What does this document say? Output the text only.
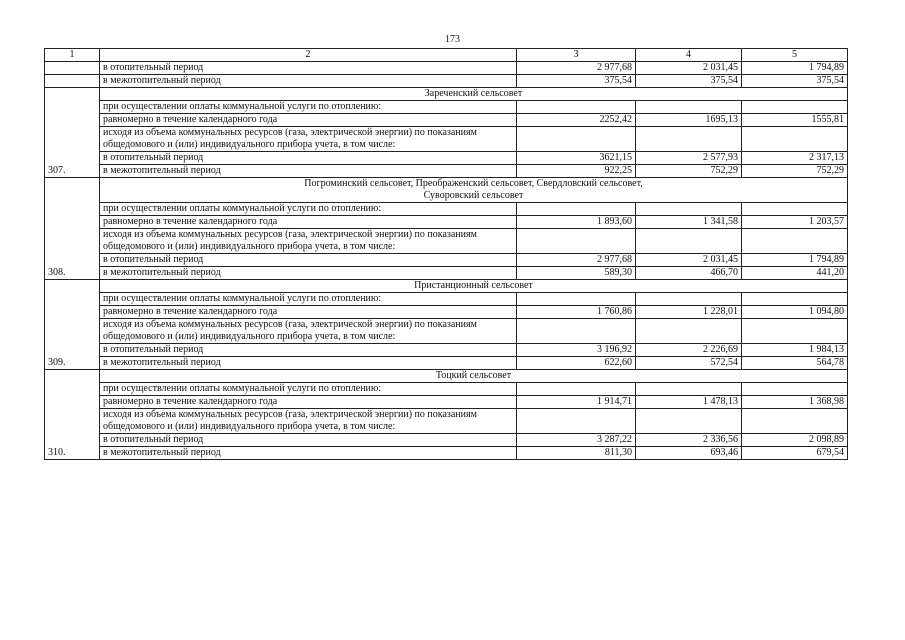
173
1	2	3	4	5
	в отопительный период	2 977,68	2 031,45	1 794,89
	в межотопительный период	375,54	375,54	375,54
307.	Зареченский сельсовет			
	при осуществлении оплаты коммунальной услуги по отоплению:			
	равномерно в течение календарного года	2252,42	1695,13	1555,81
	исходя из объема коммунальных ресурсов (газа, электрической энергии) по показаниям общедомового и (или) индивидуального прибора учета, в том числе:			
	в отопительный период	3621,15	2 577,93	2 317,13
	в межотопительный период	922,25	752,29	752,29
308.	Погроминский сельсовет, Преображенский сельсовет, Свердловский сельсовет, Суворовский сельсовет			
	при осуществлении оплаты коммунальной услуги по отоплению:			
	равномерно в течение календарного года	1 893,60	1 341,58	1 203,57
	исходя из объема коммунальных ресурсов (газа, электрической энергии) по показаниям общедомового и (или) индивидуального прибора учета, в том числе:			
	в отопительный период	2 977,68	2 031,45	1 794,89
	в межотопительный период	589,30	466,70	441,20
309.	Пристанционный сельсовет			
	при осуществлении оплаты коммунальной услуги по отоплению:			
	равномерно в течение календарного года	1 760,86	1 228,01	1 094,80
	исходя из объема коммунальных ресурсов (газа, электрической энергии) по показаниям общедомового и (или) индивидуального прибора учета, в том числе:			
	в отопительный период	3 196,92	2 226,69	1 984,13
	в межотопительный период	622,60	572,54	564,78
310.	Тоцкий сельсовет			
	при осуществлении оплаты коммунальной услуги по отоплению:			
	равномерно в течение календарного года	1 914,71	1 478,13	1 368,98
	исходя из объема коммунальных ресурсов (газа, электрической энергии) по показаниям общедомового и (или) индивидуального прибора учета, в том числе:			
	в отопительный период	3 287,22	2 336,56	2 098,89
	в межотопительный период	811,30	693,46	679,54
